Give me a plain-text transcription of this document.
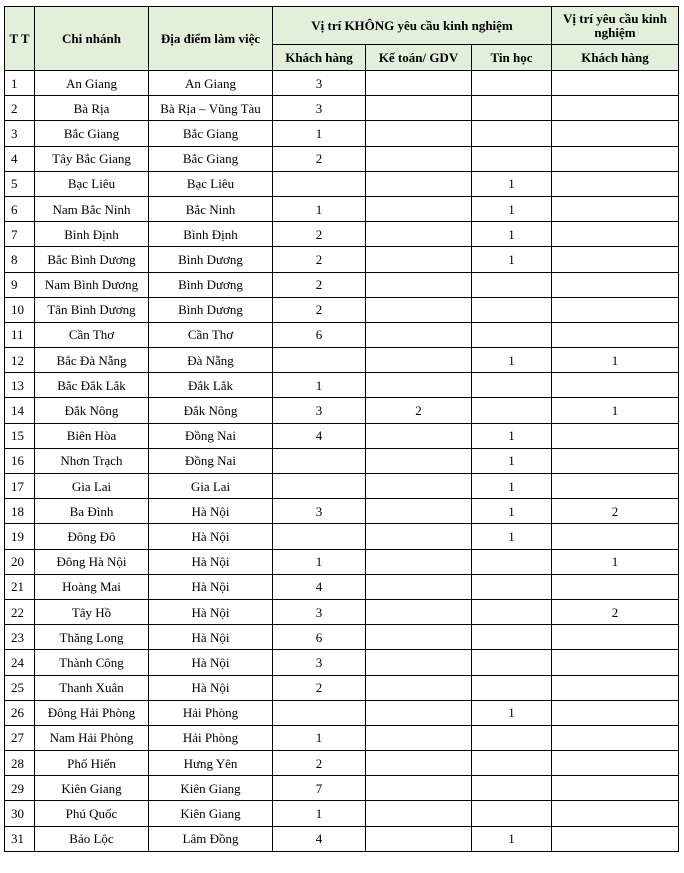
T T	Chi nhánh	Địa điểm làm việc	Vị trí KHÔNG yêu cầu kinh nghiệm			Vị trí yêu cầu kinh nghiệm
			Khách hàng	Kế toán/ GDV	Tin học	Khách hàng
1	An Giang	An Giang	3			
2	Bà Rịa	Bà Rịa – Vũng Tàu	3			
3	Bắc Giang	Bắc Giang	1			
4	Tây Bắc Giang	Bắc Giang	2			
5	Bạc Liêu	Bạc Liêu			1	
6	Nam Bắc Ninh	Bắc Ninh	1		1	
7	Bình Định	Bình Định	2		1	
8	Bắc Bình Dương	Bình Dương	2		1	
9	Nam Bình Dương	Bình Dương	2			
10	Tân Bình Dương	Bình Dương	2			
11	Cần Thơ	Cần Thơ	6			
12	Bắc Đà Nẵng	Đà Nẵng			1	1
13	Bắc Đắk Lắk	Đắk Lắk	1			
14	Đắk Nông	Đắk Nông	3	2		1
15	Biên Hòa	Đồng Nai	4		1	
16	Nhơn Trạch	Đồng Nai			1	
17	Gia Lai	Gia Lai			1	
18	Ba Đình	Hà Nội	3		1	2
19	Đông Đô	Hà Nội			1	
20	Đông Hà Nội	Hà Nội	1			1
21	Hoàng Mai	Hà Nội	4			
22	Tây Hồ	Hà Nội	3			2
23	Thăng Long	Hà Nội	6			
24	Thành Công	Hà Nội	3			
25	Thanh Xuân	Hà Nội	2			
26	Đông Hải Phòng	Hải Phòng			1	
27	Nam Hải Phòng	Hải Phòng	1			
28	Phố Hiến	Hưng Yên	2			
29	Kiên Giang	Kiên Giang	7			
30	Phú Quốc	Kiên Giang	1			
31	Bảo Lộc	Lâm Đồng	4		1	
